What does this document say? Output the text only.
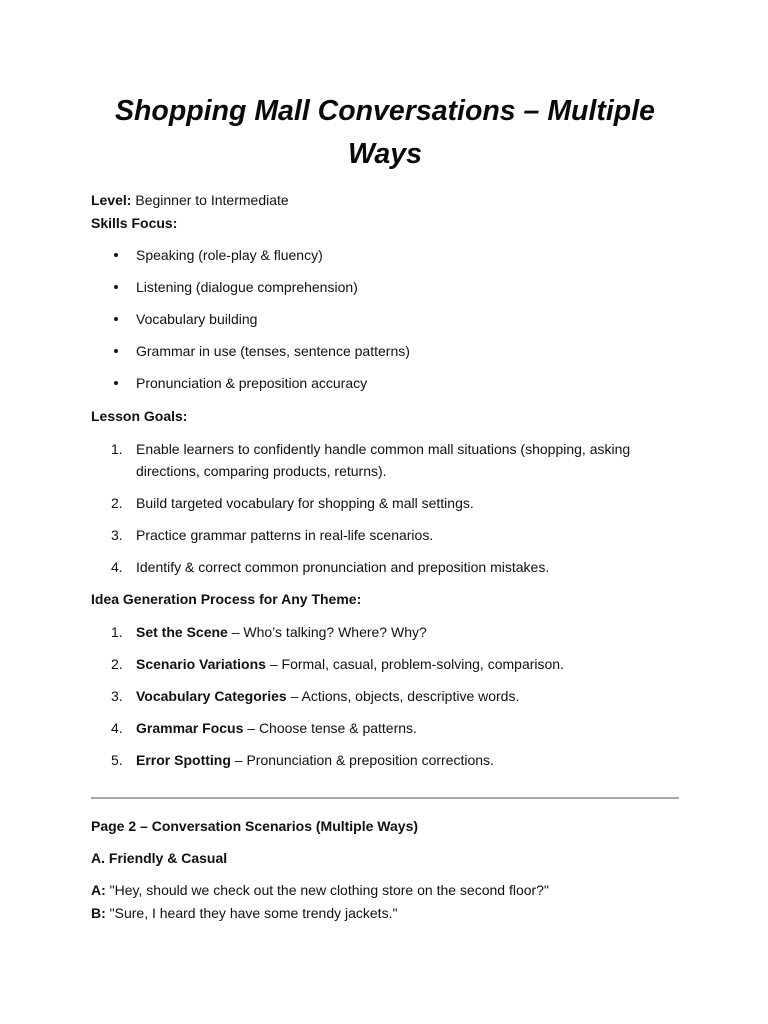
Shopping Mall Conversations – Multiple Ways
Level: Beginner to Intermediate
Skills Focus:
Speaking (role-play & fluency)
Listening (dialogue comprehension)
Vocabulary building
Grammar in use (tenses, sentence patterns)
Pronunciation & preposition accuracy
Lesson Goals:
1. Enable learners to confidently handle common mall situations (shopping, asking directions, comparing products, returns).
2. Build targeted vocabulary for shopping & mall settings.
3. Practice grammar patterns in real-life scenarios.
4. Identify & correct common pronunciation and preposition mistakes.
Idea Generation Process for Any Theme:
1. Set the Scene – Who’s talking? Where? Why?
2. Scenario Variations – Formal, casual, problem-solving, comparison.
3. Vocabulary Categories – Actions, objects, descriptive words.
4. Grammar Focus – Choose tense & patterns.
5. Error Spotting – Pronunciation & preposition corrections.
Page 2 – Conversation Scenarios (Multiple Ways)
A. Friendly & Casual
A: "Hey, should we check out the new clothing store on the second floor?"
B: "Sure, I heard they have some trendy jackets."
